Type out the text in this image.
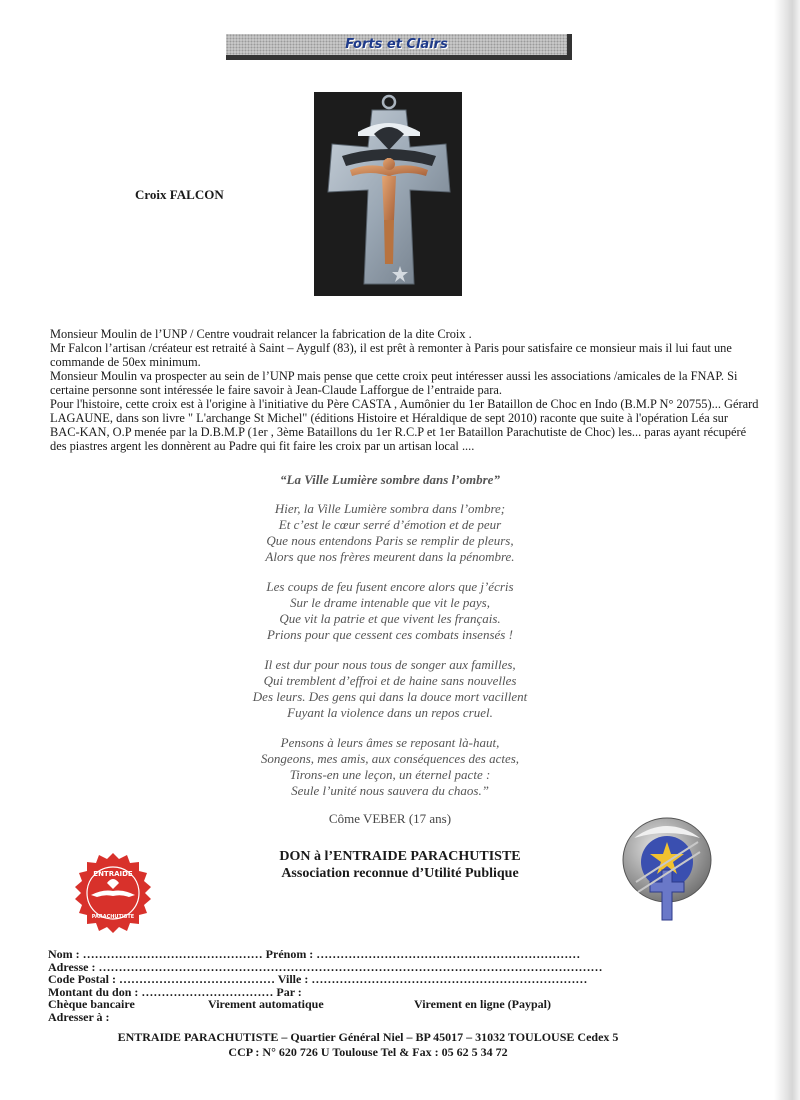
Forts et Clairs
Croix FALCON

Monsieur Moulin de l’UNP / Centre voudrait relancer la fabrication de la dite Croix .

Mr Falcon l’artisan /créateur est retraité à Saint – Aygulf (83), il est prêt à remonter à Paris pour satisfaire ce monsieur mais il lui faut une commande de 50ex minimum.

Monsieur Moulin va prospecter au sein de l’UNP mais pense que cette croix peut intéresser aussi les associations /amicales de la FNAP. Si certaine personne sont intéressée le faire savoir à Jean-Claude Lafforgue de l’entraide para.

Pour l'histoire, cette croix est à l'origine à l'initiative du Père CASTA , Aumônier du 1er Bataillon de Choc en Indo (B.M.P N° 20755)... Gérard LAGAUNE, dans son livre " L'archange St Michel" (éditions Histoire et Héraldique de sept 2010) raconte que suite à l'opération Léa sur BAC-KAN, O.P menée par la D.B.M.P (1er , 3ème Bataillons du 1er R.C.P et 1er Bataillon Parachutiste de Choc) les... paras ayant récupéré des piastres argent les donnèrent au Padre qui fit faire les croix par un artisan local ....

“La Ville Lumière sombre dans l’ombre”
Hier, la Ville Lumière sombra dans l’ombre;
Et c’est le cœur serré d’émotion et de peur
Que nous entendons Paris se remplir de pleurs,
Alors que nos frères meurent dans la pénombre.
Les coups de feu fusent encore alors que j’écris
Sur le drame intenable que vit le pays,
Que vit la patrie et que vivent les français.
Prions pour que cessent ces combats insensés !
Il est dur pour nous tous de songer aux familles,
Qui tremblent d’effroi et de haine sans nouvelles
Des leurs. Des gens qui dans la douce mort vacillent
Fuyant la violence dans un repos cruel.
Pensons à leurs âmes se reposant là-haut,
Songeons, mes amis, aux conséquences des actes,
Tirons-en une leçon, un éternel pacte :
Seule l’unité nous sauvera du chaos.”
Côme VEBER (17 ans)
ENTRAIDE
PARACHUTISTE
DON à l’ENTRAIDE PARACHUTISTE
Association reconnue d’Utilité Publique
Nom : ……………………………………… Prénom : …………………………………………………………
Adresse : ………………………………………………………………………………………………………………
Code Postal : ………………………………… Ville : ……………………………………………………………
Montant du don : …………………………… Par :
Chèque bancaire	Virement automatique	Virement en ligne (Paypal)
Adresser à :
ENTRAIDE PARACHUTISTE – Quartier Général Niel – BP 45017 – 31032 TOULOUSE Cedex 5
CCP : N° 620 726 U Toulouse Tel & Fax : 05 62 5 34 72
